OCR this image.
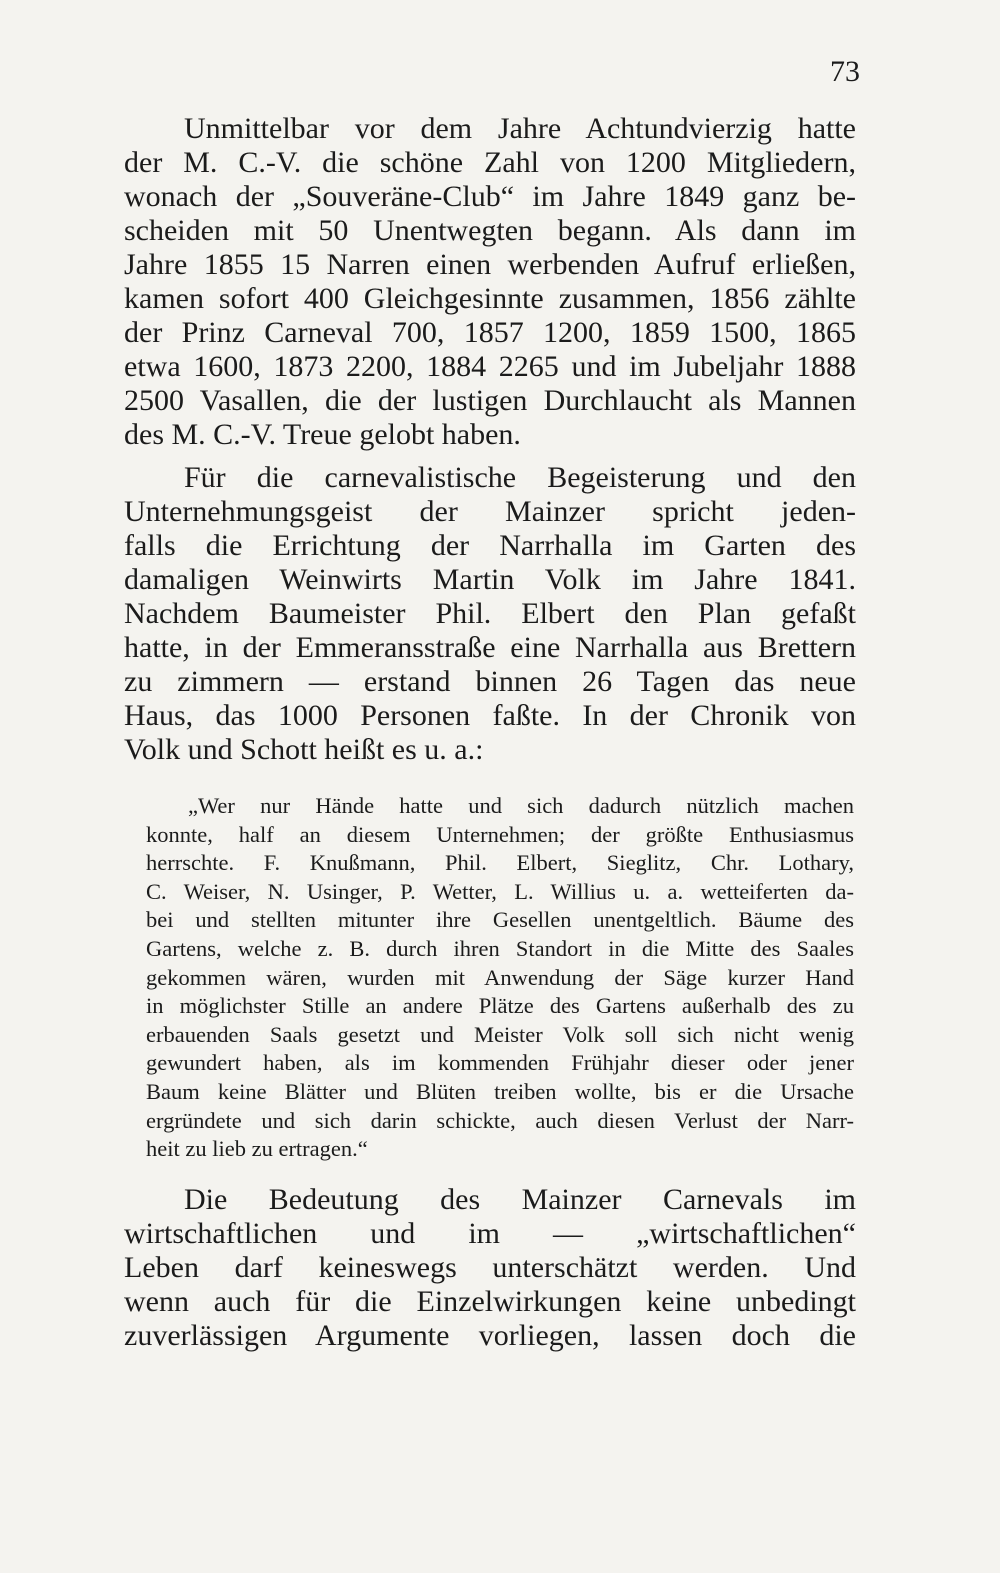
73
Unmittelbar vor dem Jahre Achtundvierzig hatte
der M. C.-V. die schöne Zahl von 1200 Mitgliedern,
wonach der „Souveräne-Club“ im Jahre 1849 ganz be-
scheiden mit 50 Unentwegten begann. Als dann im
Jahre 1855 15 Narren einen werbenden Aufruf erließen,
kamen sofort 400 Gleichgesinnte zusammen, 1856 zählte
der Prinz Carneval 700, 1857 1200, 1859 1500, 1865
etwa 1600, 1873 2200, 1884 2265 und im Jubeljahr 1888
2500 Vasallen, die der lustigen Durchlaucht als Mannen
des M. C.-V. Treue gelobt haben.
Für die carnevalistische Begeisterung und den
Unternehmungsgeist der Mainzer spricht jeden-
falls die Errichtung der Narrhalla im Garten des
damaligen Weinwirts Martin Volk im Jahre 1841.
Nachdem Baumeister Phil. Elbert den Plan gefaßt
hatte, in der Emmeransstraße eine Narrhalla aus Brettern
zu zimmern — erstand binnen 26 Tagen das neue
Haus, das 1000 Personen faßte. In der Chronik von
Volk und Schott heißt es u. a.:
„Wer nur Hände hatte und sich dadurch nützlich machen
konnte, half an diesem Unternehmen; der größte Enthusiasmus
herrschte. F. Knußmann, Phil. Elbert, Sieglitz, Chr. Lothary,
C. Weiser, N. Usinger, P. Wetter, L. Willius u. a. wetteiferten da-
bei und stellten mitunter ihre Gesellen unentgeltlich. Bäume des
Gartens, welche z. B. durch ihren Standort in die Mitte des Saales
gekommen wären, wurden mit Anwendung der Säge kurzer Hand
in möglichster Stille an andere Plätze des Gartens außerhalb des zu
erbauenden Saals gesetzt und Meister Volk soll sich nicht wenig
gewundert haben, als im kommenden Frühjahr dieser oder jener
Baum keine Blätter und Blüten treiben wollte, bis er die Ursache
ergründete und sich darin schickte, auch diesen Verlust der Narr-
heit zu lieb zu ertragen.“
Die Bedeutung des Mainzer Carnevals im
wirtschaftlichen und im — „wirtschaftlichen“
Leben darf keineswegs unterschätzt werden. Und
wenn auch für die Einzelwirkungen keine unbedingt
zuverlässigen Argumente vorliegen, lassen doch die
